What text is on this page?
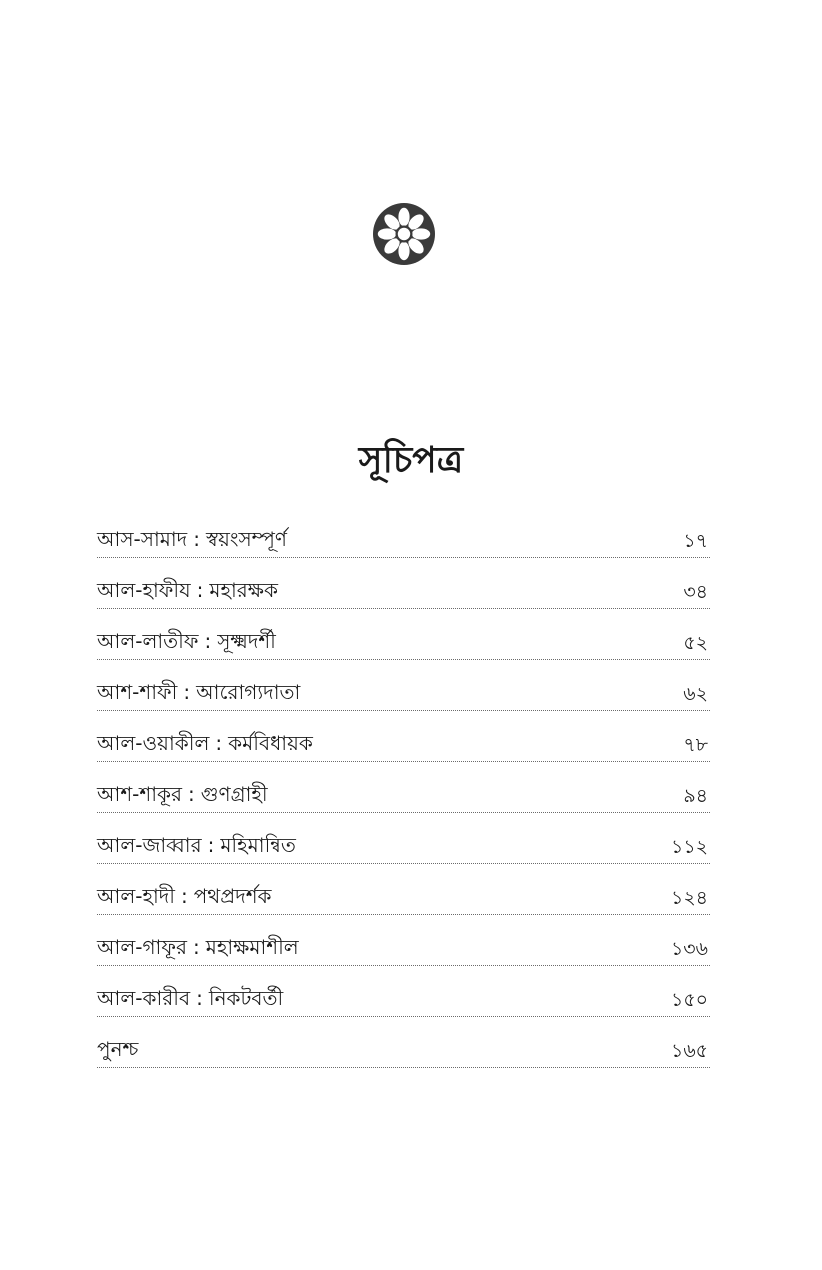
সূচিপত্র
আস-সামাদ : স্বয়ংসম্পূর্ণ	১৭
আল-হাফীয : মহারক্ষক	৩৪
আল-লাতীফ : সূক্ষ্মদর্শী	৫২
আশ-শাফী : আরোগ্যদাতা	৬২
আল-ওয়াকীল : কর্মবিধায়ক	৭৮
আশ-শাকূর : গুণগ্রাহী	৯৪
আল-জাব্বার : মহিমান্বিত	১১২
আল-হাদী : পথপ্রদর্শক	১২৪
আল-গাফূর : মহাক্ষমাশীল	১৩৬
আল-কারীব : নিকটবর্তী	১৫০
পুনশ্চ	১৬৫
